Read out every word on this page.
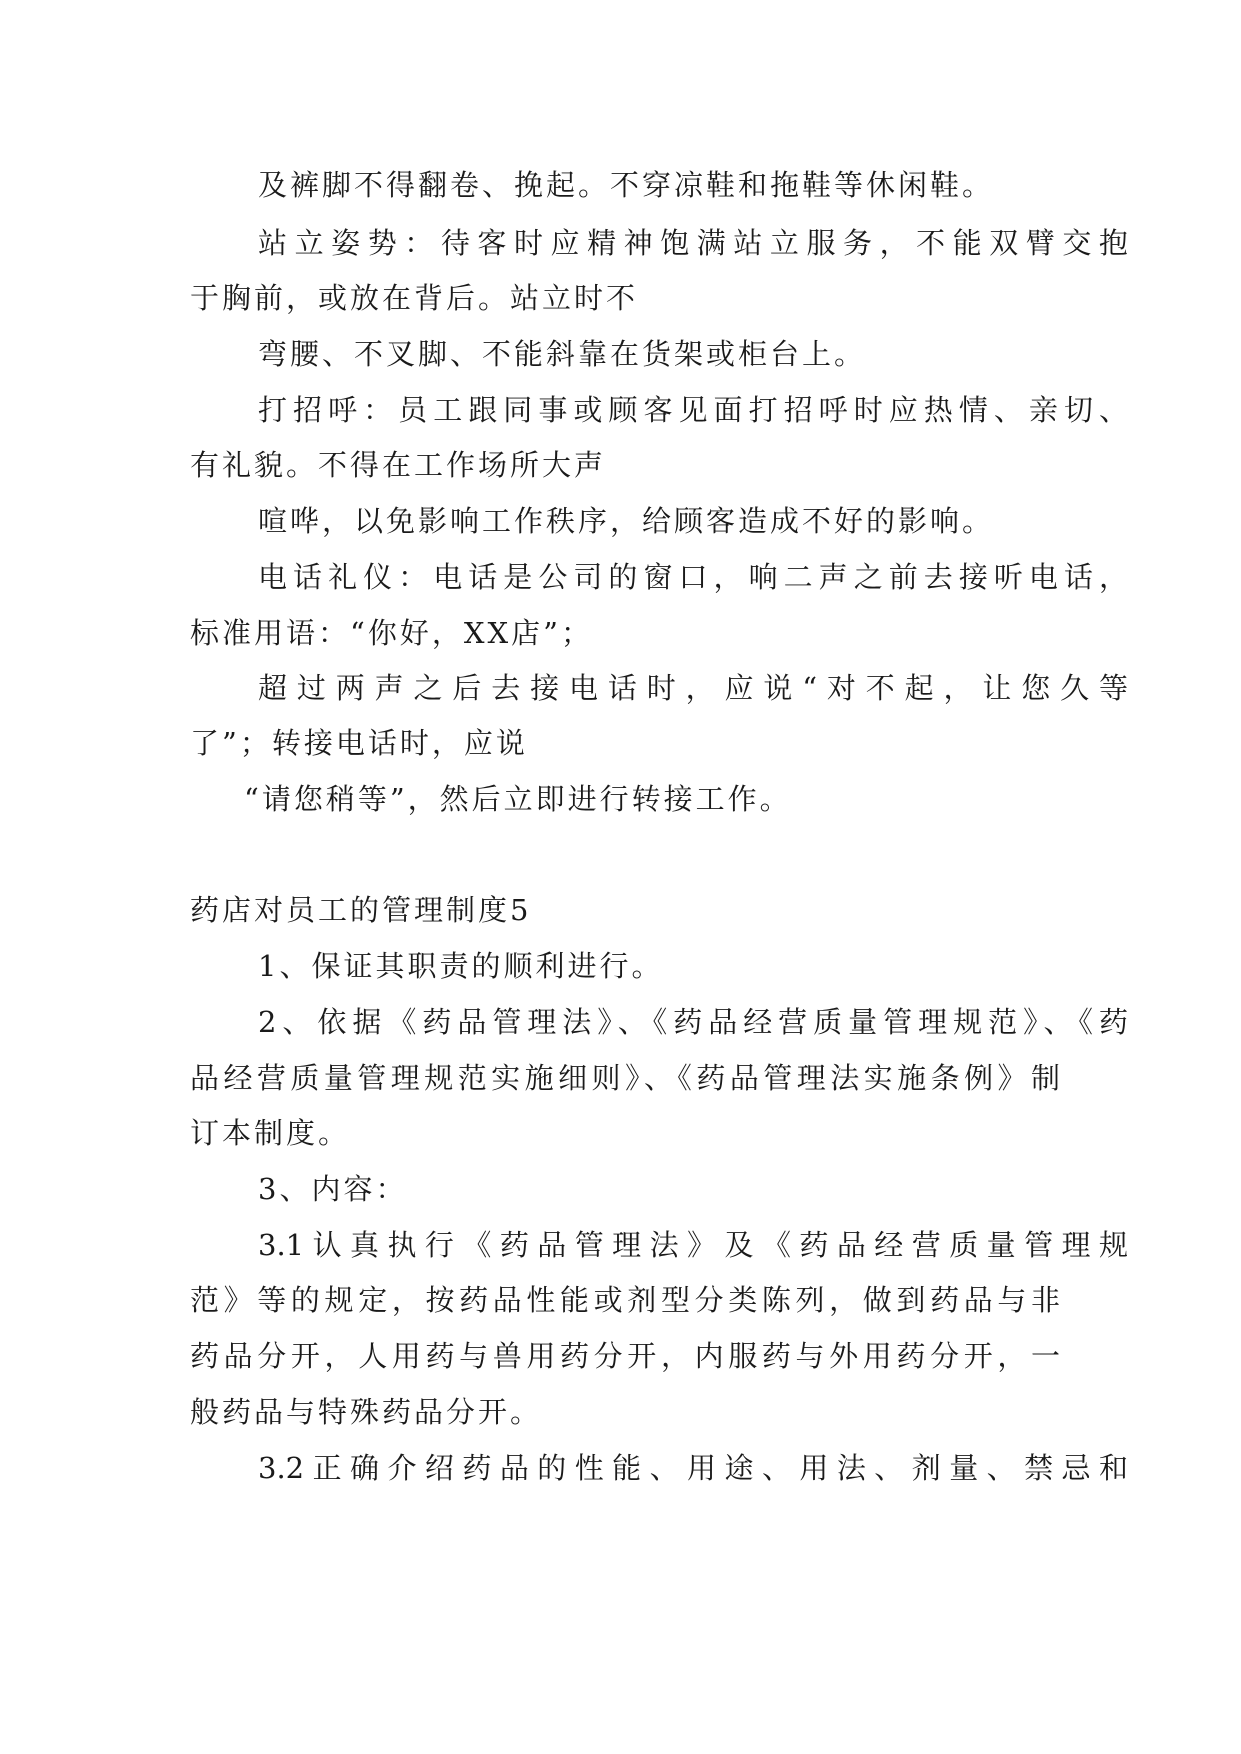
及裤脚不得翻卷、挽起。不穿凉鞋和拖鞋等休闲鞋。
站立姿势：待客时应精神饱满站立服务，不能双臂交抱
于胸前，或放在背后。站立时不
弯腰、不叉脚、不能斜靠在货架或柜台上。
打招呼：员工跟同事或顾客见面打招呼时应热情、亲切、
有礼貌。不得在工作场所大声
喧哗，以免影响工作秩序，给顾客造成不好的影响。
电话礼仪：电话是公司的窗口，响二声之前去接听电话，
标准用语：“你好，XX店”；
超过两声之后去接电话时，应说“对不起，让您久等
了”；转接电话时，应说
“请您稍等”，然后立即进行转接工作。
药店对员工的管理制度5
1、保证其职责的顺利进行。
2、依据《药品管理法》、《药品经营质量管理规范》、《药
品经营质量管理规范实施细则》、《药品管理法实施条例》制
订本制度。
3、内容：
3.1认真执行《药品管理法》及《药品经营质量管理规
范》等的规定，按药品性能或剂型分类陈列，做到药品与非
药品分开，人用药与兽用药分开，内服药与外用药分开，一
般药品与特殊药品分开。
3.2正确介绍药品的性能、用途、用法、剂量、禁忌和
